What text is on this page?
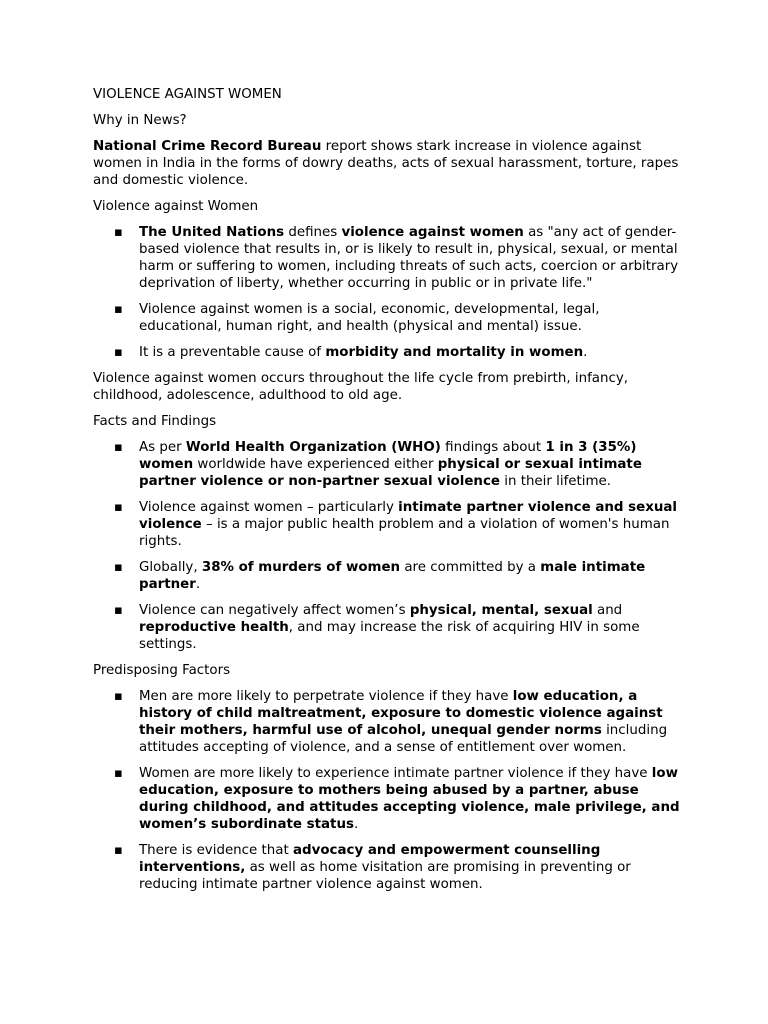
VIOLENCE AGAINST WOMEN
Why in News?
National Crime Record Bureau report shows stark increase in violence against women in India in the forms of dowry deaths, acts of sexual harassment, torture, rapes and domestic violence.
Violence against Women
▪ The United Nations defines violence against women as "any act of gender-based violence that results in, or is likely to result in, physical, sexual, or mental harm or suffering to women, including threats of such acts, coercion or arbitrary deprivation of liberty, whether occurring in public or in private life."
▪ Violence against women is a social, economic, developmental, legal, educational, human right, and health (physical and mental) issue.
▪ It is a preventable cause of morbidity and mortality in women.
Violence against women occurs throughout the life cycle from prebirth, infancy, childhood, adolescence, adulthood to old age.
Facts and Findings
▪ As per World Health Organization (WHO) findings about 1 in 3 (35%) women worldwide have experienced either physical or sexual intimate partner violence or non-partner sexual violence in their lifetime.
▪ Violence against women – particularly intimate partner violence and sexual violence – is a major public health problem and a violation of women's human rights.
▪ Globally, 38% of murders of women are committed by a male intimate partner.
▪ Violence can negatively affect women’s physical, mental, sexual and reproductive health, and may increase the risk of acquiring HIV in some settings.
Predisposing Factors
▪ Men are more likely to perpetrate violence if they have low education, a history of child maltreatment, exposure to domestic violence against their mothers, harmful use of alcohol, unequal gender norms including attitudes accepting of violence, and a sense of entitlement over women.
▪ Women are more likely to experience intimate partner violence if they have low education, exposure to mothers being abused by a partner, abuse during childhood, and attitudes accepting violence, male privilege, and women’s subordinate status.
▪ There is evidence that advocacy and empowerment counselling interventions, as well as home visitation are promising in preventing or reducing intimate partner violence against women.
